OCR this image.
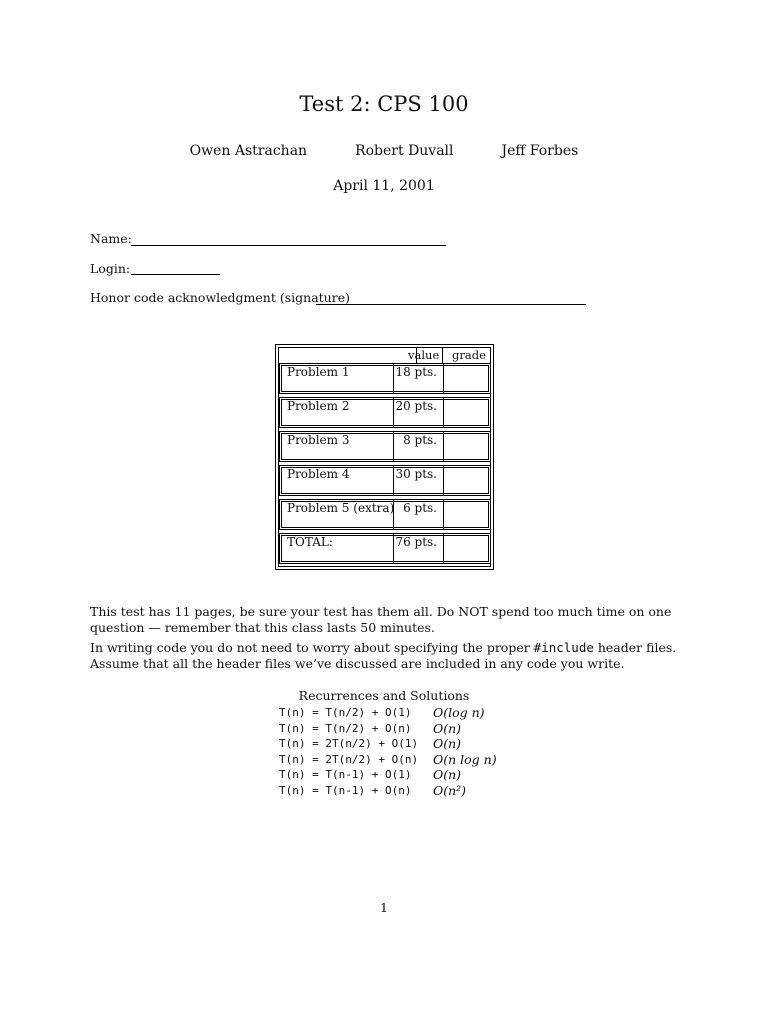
Test 2: CPS 100
Owen Astrachan	Robert Duvall	Jeff Forbes
April 11, 2001
Name:
Login:
Honor code acknowledgment (signature)
value grade
Problem 1	18 pts.
Problem 2	20 pts.
Problem 3	8 pts.
Problem 4	30 pts.
Problem 5 (extra) 6 pts.
TOTAL:	76 pts.
This test has 11 pages, be sure your test has them all. Do NOT spend too much time on one question — remember that this class lasts 50 minutes.
In writing code you do not need to worry about specifying the proper #include header files. Assume that all the header files we’ve discussed are included in any code you write.
Recurrences and Solutions
T(n) = T(n/2) + O(1)	O(log n)
T(n) = T(n/2) + O(n)	O(n)
T(n) = 2T(n/2) + O(1)	O(n)
T(n) = 2T(n/2) + O(n)	O(n log n)
T(n) = T(n-1) + O(1)	O(n)
T(n) = T(n-1) + O(n)	O(n²)
1
